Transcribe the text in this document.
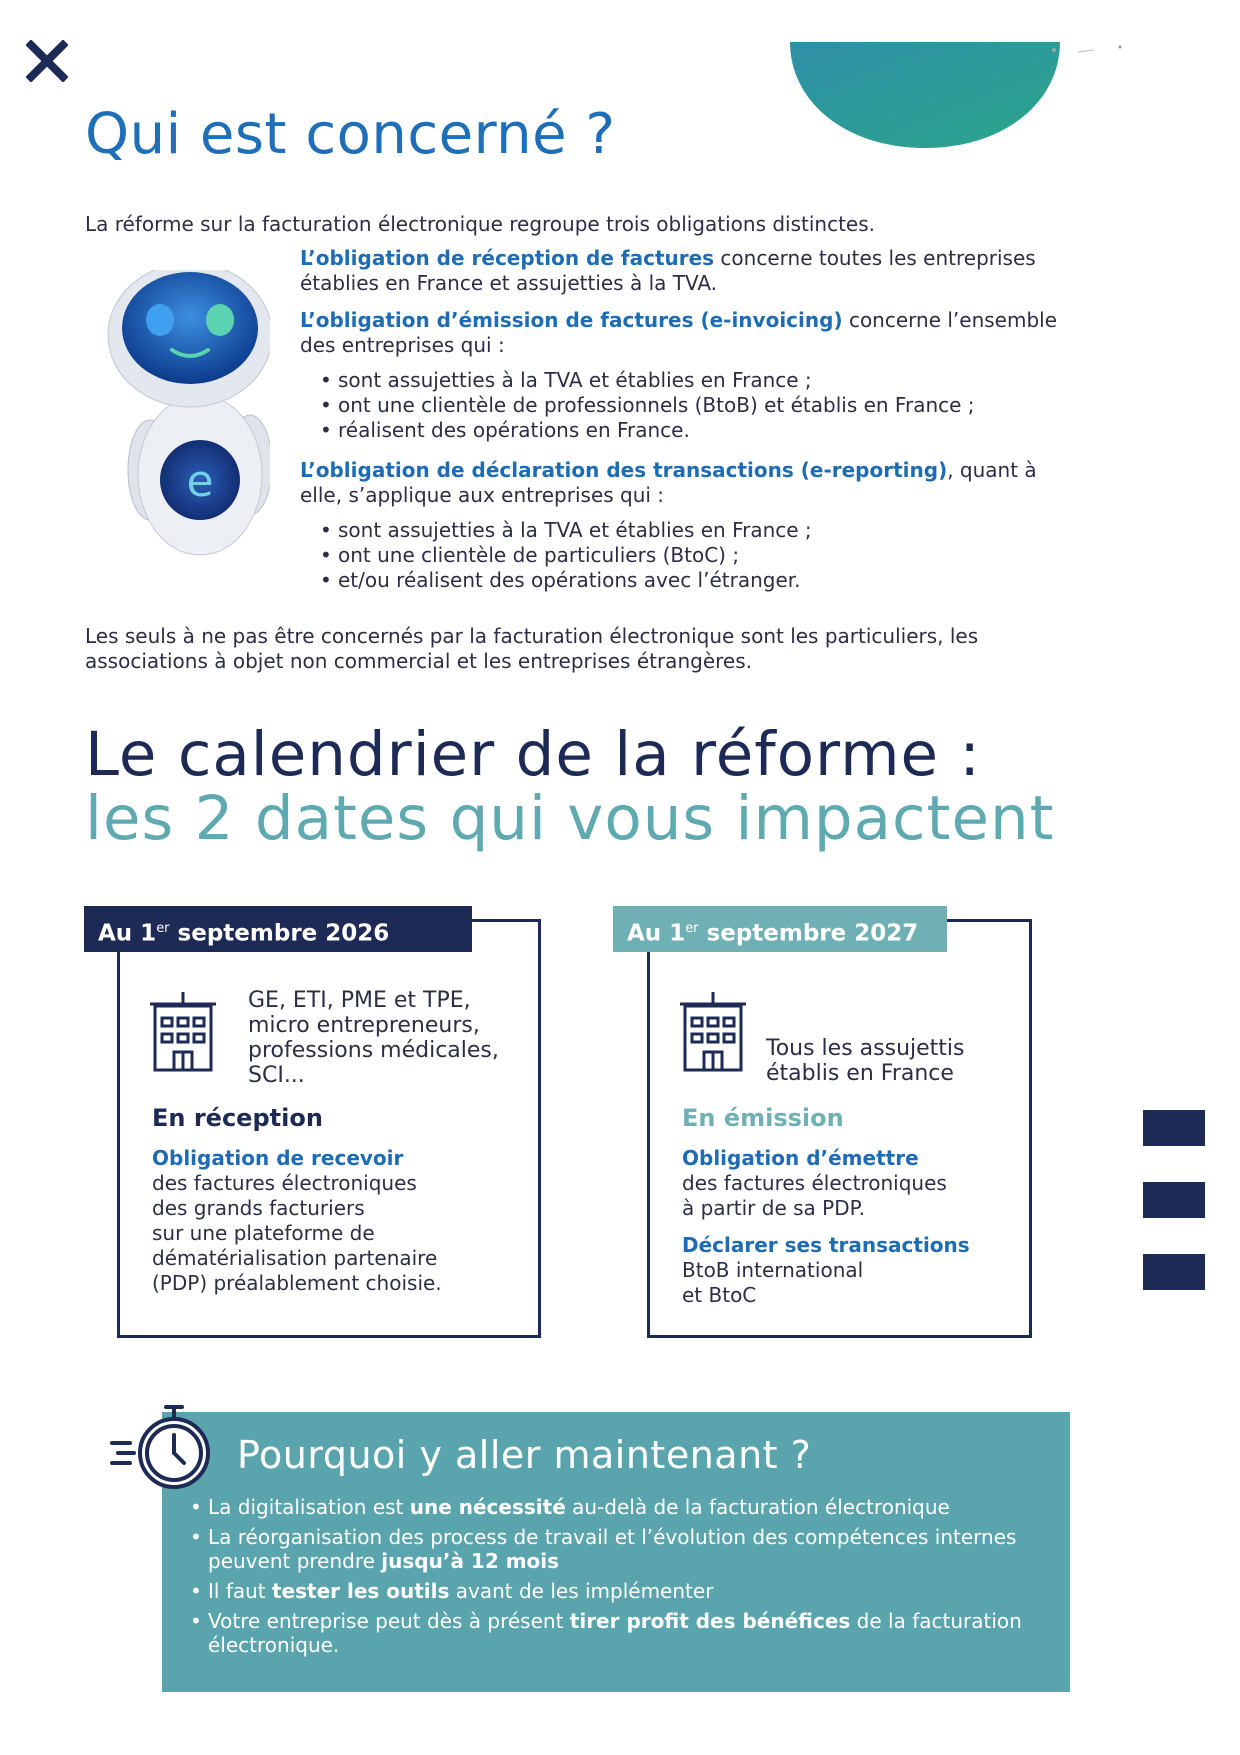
Qui est concerné ?

La réforme sur la facturation électronique regroupe trois obligations distinctes.

e

L’obligation de réception de factures concerne toutes les entreprises établies en France et assujetties à la TVA.

L’obligation d’émission de factures (e-invoicing) concerne l’ensemble des entreprises qui :

• sont assujetties à la TVA et établies en France ;
• ont une clientèle de professionnels (BtoB) et établis en France ;
• réalisent des opérations en France.

L’obligation de déclaration des transactions (e-reporting), quant à elle, s’applique aux entreprises qui :

• sont assujetties à la TVA et établies en France ;
• ont une clientèle de particuliers (BtoC) ;
• et/ou réalisent des opérations avec l’étranger.

Les seuls à ne pas être concernés par la facturation électronique sont les particuliers, les associations à objet non commercial et les entreprises étrangères.

Le calendrier de la réforme :
les 2 dates qui vous impactent
Au 1er septembre 2026

GE, ETI, PME et TPE,

micro entrepreneurs,

professions médicales,

SCI...

En réception

Obligation de recevoir

des factures électroniques

des grands facturiers

sur une plateforme de

dématérialisation partenaire

(PDP) préalablement choisie.

Au 1er septembre 2027

Tous les assujettis

établis en France

En émission

Obligation d’émettre

des factures électroniques

à partir de sa PDP.

Déclarer ses transactions

BtoB international

et BtoC

Pourquoi y aller maintenant ?
• La digitalisation est une nécessité au-delà de la facturation électronique
• La réorganisation des process de travail et l’évolution des compétences internes peuvent prendre jusqu’à 12 mois
• Il faut tester les outils avant de les implémenter
• Votre entreprise peut dès à présent tirer profit des bénéfices de la facturation électronique.
